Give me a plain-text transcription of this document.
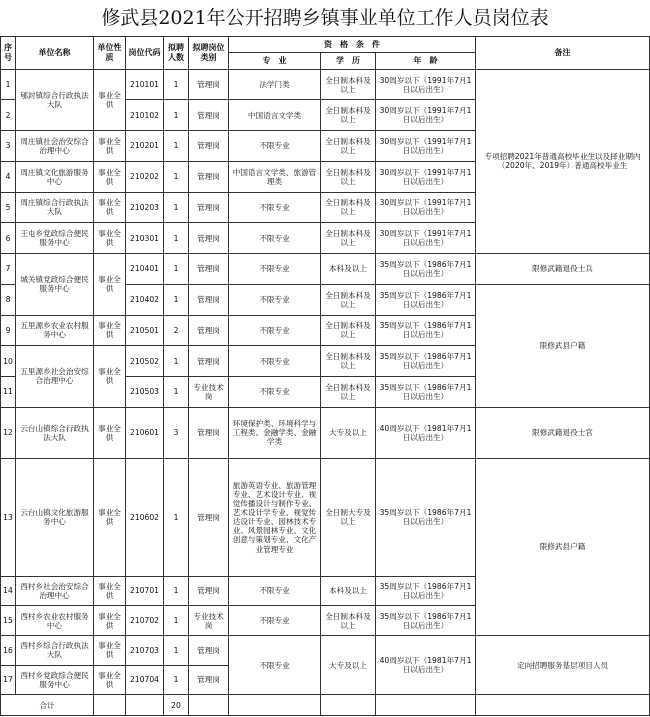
修武县2021年公开招聘乡镇事业单位工作人员岗位表
序号	单位名称	单位性质	岗位代码	拟聘人数	拟聘岗位类别	资　格　条　件			备注
						专　业	学　历	年　龄	
1	郇封镇综合行政执法大队	事业全供	210101	1	管理岗	法学门类	全日制本科及以上	30周岁以下（1991年7月1日以后出生）	专项招聘2021年普通高校毕业生以及择业期内（2020年、2019年）普通高校毕业生
2			210102	1	管理岗	中国语言文学类	全日制本科及以上	30周岁以下（1991年7月1日以后出生）	
3	周庄镇社会治安综合治理中心	事业全供	210201	1	管理岗	不限专业	全日制本科及以上	30周岁以下（1991年7月1日以后出生）	
4	周庄镇文化旅游服务中心	事业全供	210202	1	管理岗	中国语言文学类、旅游管理类	全日制本科及以上	30周岁以下（1991年7月1日以后出生）	
5	周庄镇综合行政执法大队	事业全供	210203	1	管理岗	不限专业	全日制本科及以上	30周岁以下（1991年7月1日以后出生）	
6	王屯乡党政综合便民服务中心	事业全供	210301	1	管理岗	不限专业	全日制本科及以上	30周岁以下（1991年7月1日以后出生）	
7	城关镇党政综合便民服务中心	事业全供	210401	1	管理岗	不限专业	本科及以上	35周岁以下（1986年7月1日以后出生）	限修武籍退役士兵
8			210402	1	管理岗	不限专业	全日制本科及以上	35周岁以下（1986年7月1日以后出生）	限修武县户籍
9	五里源乡农业农村服务中心	事业全供	210501	2	管理岗	不限专业	全日制本科及以上	35周岁以下（1986年7月1日以后出生）	
10	五里源乡社会治安综合治理中心	事业全供	210502	1	管理岗	不限专业	全日制本科及以上	35周岁以下（1986年7月1日以后出生）	
11			210503	1	专业技术岗	不限专业	全日制本科及以上	35周岁以下（1986年7月1日以后出生）	
12	云台山镇综合行政执法大队	事业全供	210601	3	管理岗	环境保护类、环境科学与工程类、金融学类、金融学类	大专及以上	40周岁以下（1981年7月1日以后出生）	限修武籍退役士官
13	云台山镇文化旅游服务中心	事业全供	210602	1	管理岗	旅游英语专业、旅游管理专业、艺术设计专业、视觉传播设计与制作专业、艺术设计学专业、视觉传达设计专业、园林技术专业、风景园林专业、文化创意与策划专业、文化产业管理专业	全日制大专及以上	35周岁以下（1986年7月1日以后出生）	限修武县户籍
14	西村乡社会治安综合治理中心	事业全供	210701	1	管理岗	不限专业	本科及以上	35周岁以下（1986年7月1日以后出生）	
15	西村乡农业农村服务中心	事业全供	210702	1	专业技术岗	不限专业	全日制本科及以上	35周岁以下（1986年7月1日以后出生）	
16	西村乡综合行政执法大队	事业全供	210703	1	管理岗	不限专业	大专及以上	40周岁以下（1981年7月1日以后出生）	定向招聘服务基层项目人员
17	西村乡党政综合便民服务中心	事业全供	210704	1	管理岗				
合计				20					
